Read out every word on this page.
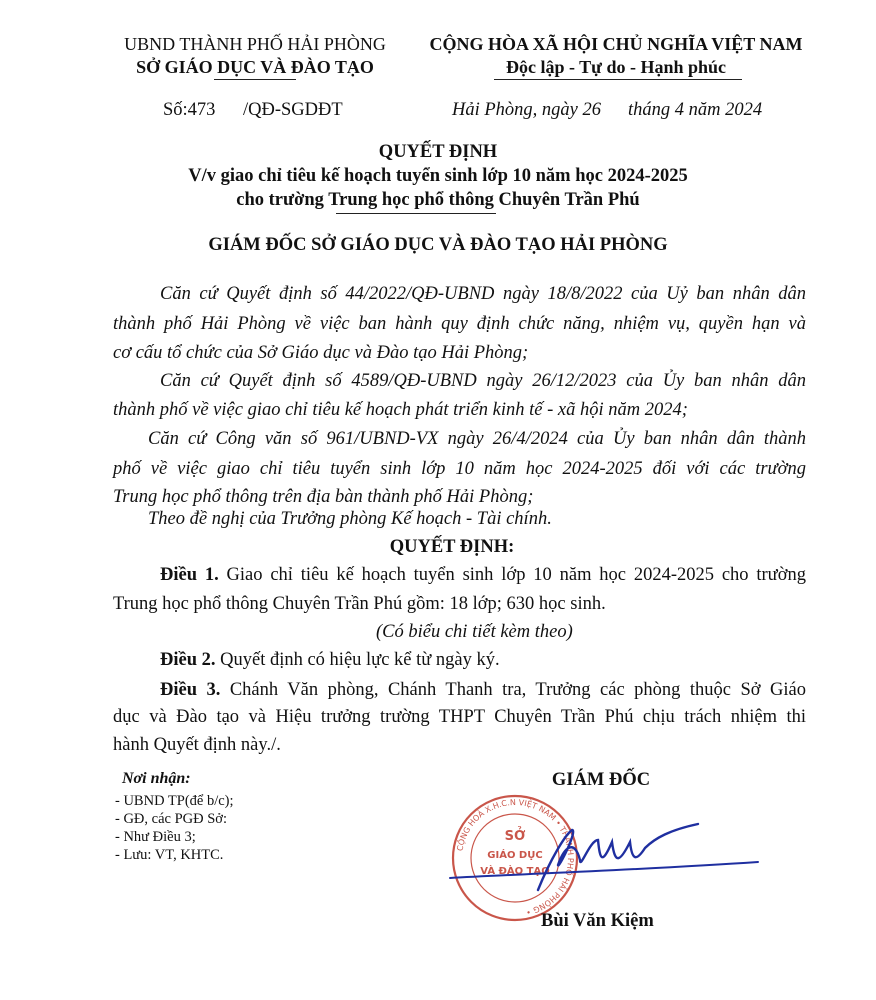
UBND THÀNH PHỐ HẢI PHÒNG
SỞ GIÁO DỤC VÀ ĐÀO TẠO
CỘNG HÒA XÃ HỘI CHỦ NGHĨA VIỆT NAM
Độc lập - Tự do - Hạnh phúc
Số:473 /QĐ-SGDĐT	Hải Phòng, ngày 26 tháng 4 năm 2024
QUYẾT ĐỊNH
V/v giao chỉ tiêu kế hoạch tuyển sinh lớp 10 năm học 2024-2025
cho trường Trung học phổ thông Chuyên Trần Phú
GIÁM ĐỐC SỞ GIÁO DỤC VÀ ĐÀO TẠO HẢI PHÒNG
Căn cứ Quyết định số 44/2022/QĐ-UBND ngày 18/8/2022 của Uỷ ban nhân dân
thành phố Hải Phòng về việc ban hành quy định chức năng, nhiệm vụ, quyền hạn và
cơ cấu tổ chức của Sở Giáo dục và Đào tạo Hải Phòng;
Căn cứ Quyết định số 4589/QĐ-UBND ngày 26/12/2023 của Ủy ban nhân dân
thành phố về việc giao chỉ tiêu kế hoạch phát triển kinh tế - xã hội năm 2024;
Căn cứ Công văn số 961/UBND-VX ngày 26/4/2024 của Ủy ban nhân dân thành
phố về việc giao chỉ tiêu tuyển sinh lớp 10 năm học 2024-2025 đối với các trường
Trung học phổ thông trên địa bàn thành phố Hải Phòng;
Theo đề nghị của Trưởng phòng Kế hoạch - Tài chính.
QUYẾT ĐỊNH:
Điều 1. Giao chỉ tiêu kế hoạch tuyển sinh lớp 10 năm học 2024-2025 cho trường
Trung học phổ thông Chuyên Trần Phú gồm: 18 lớp; 630 học sinh.
(Có biểu chi tiết kèm theo)
Điều 2. Quyết định có hiệu lực kể từ ngày ký.
Điều 3. Chánh Văn phòng, Chánh Thanh tra, Trưởng các phòng thuộc Sở Giáo
dục và Đào tạo và Hiệu trưởng trường THPT Chuyên Trần Phú chịu trách nhiệm thi
hành Quyết định này./.
Nơi nhận:
- UBND TP(để b/c);
- GĐ, các PGĐ Sở:
- Như Điều 3;
- Lưu: VT, KHTC.
GIÁM ĐỐC
SỞ
GIÁO DỤC
VÀ ĐÀO TẠO
CỘNG HOÀ X.H.C.N VIỆT NAM • THÀNH PHỐ HẢI PHÒNG • Bùi Văn Kiệm
